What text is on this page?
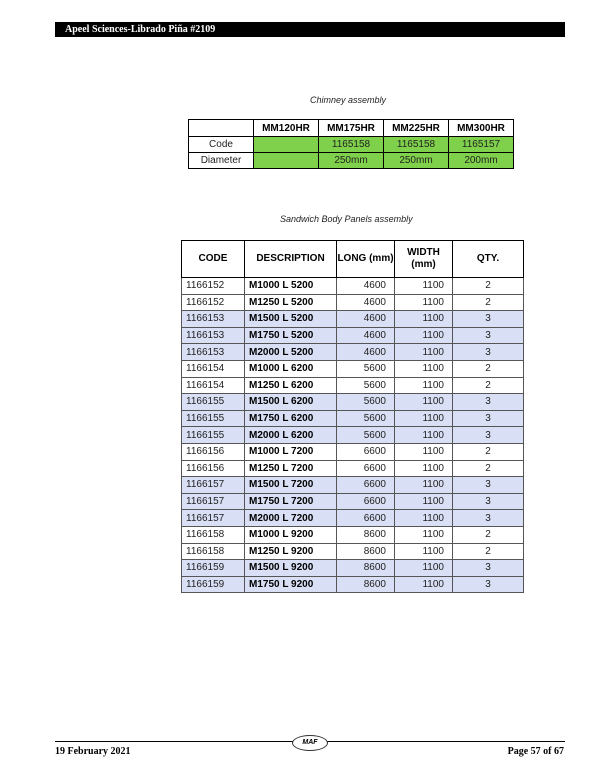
Apeel Sciences-Librado Piña #2109
Chimney assembly
	MM120HR	MM175HR	MM225HR	MM300HR
Code		1165158	1165158	1165157
Diameter		250mm	250mm	200mm
Sandwich Body Panels assembly
CODE	DESCRIPTION	LONG (mm)	WIDTH (mm)	QTY.
1166152	M1000 L 5200	4600	1100	2
1166152	M1250 L 5200	4600	1100	2
1166153	M1500 L 5200	4600	1100	3
1166153	M1750 L 5200	4600	1100	3
1166153	M2000 L 5200	4600	1100	3
1166154	M1000 L 6200	5600	1100	2
1166154	M1250 L 6200	5600	1100	2
1166155	M1500 L 6200	5600	1100	3
1166155	M1750 L 6200	5600	1100	3
1166155	M2000 L 6200	5600	1100	3
1166156	M1000 L 7200	6600	1100	2
1166156	M1250 L 7200	6600	1100	2
1166157	M1500 L 7200	6600	1100	3
1166157	M1750 L 7200	6600	1100	3
1166157	M2000 L 7200	6600	1100	3
1166158	M1000 L 9200	8600	1100	2
1166158	M1250 L 9200	8600	1100	2
1166159	M1500 L 9200	8600	1100	3
1166159	M1750 L 9200	8600	1100	3
19 February 2021
MAF
Page 57 of 67
